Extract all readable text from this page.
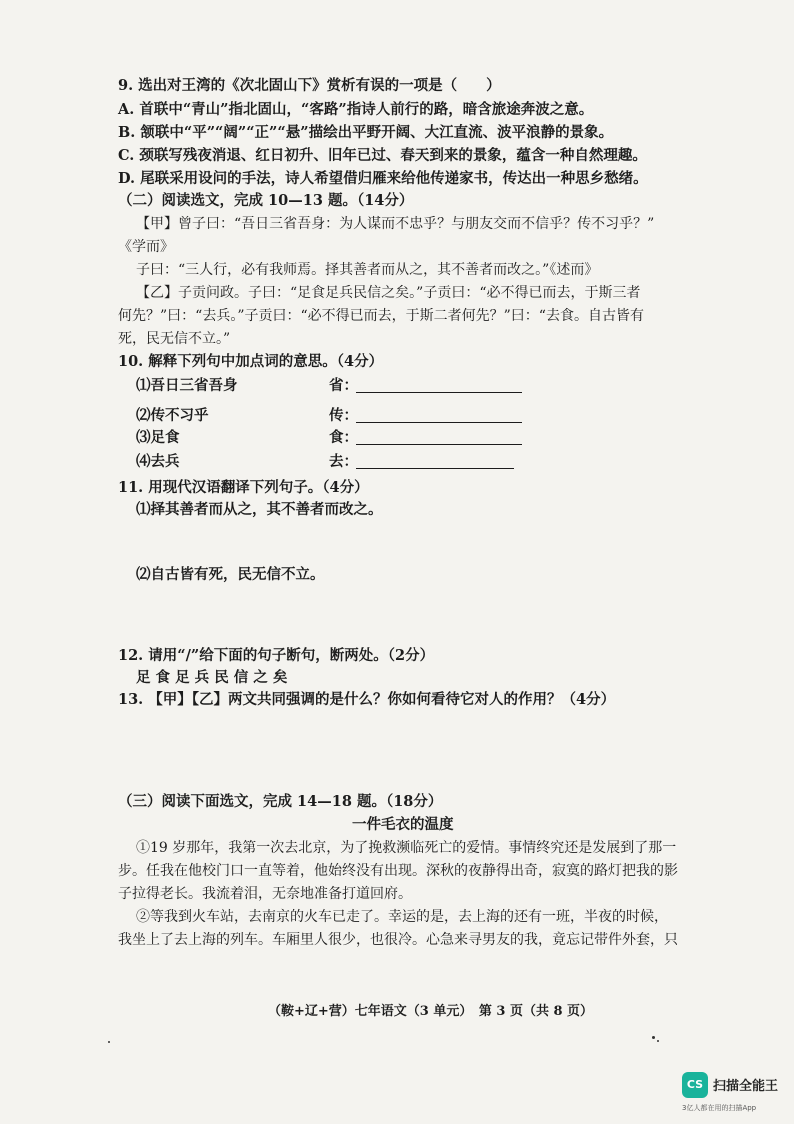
9. 选出对王湾的《次北固山下》赏析有误的一项是（　　）
A. 首联中“青山”指北固山，“客路”指诗人前行的路，暗含旅途奔波之意。
B. 颔联中“平”“阔”“正”“悬”描绘出平野开阔、大江直流、波平浪静的景象。
C. 颈联写残夜消退、红日初升、旧年已过、春天到来的景象，蕴含一种自然理趣。
D. 尾联采用设问的手法，诗人希望借归雁来给他传递家书，传达出一种思乡愁绪。
（二）阅读选文，完成 10—13 题。（14分）
【甲】曾子曰：“吾日三省吾身：为人谋而不忠乎？与朋友交而不信乎？传不习乎？”
《学而》
子曰：“三人行，必有我师焉。择其善者而从之，其不善者而改之。”《述而》
【乙】子贡问政。子曰：“足食足兵民信之矣。”子贡曰：“必不得已而去，于斯三者
何先？”曰：“去兵。”子贡曰：“必不得已而去，于斯二者何先？”曰：“去食。自古皆有
死，民无信不立。”
10. 解释下列句中加点词的意思。（4分）
⑴吾日三省吾身	省：
⑵传不习乎	传：
⑶足食	食：
⑷去兵	去：
11. 用现代汉语翻译下列句子。（4分）
⑴择其善者而从之，其不善者而改之。
⑵自古皆有死，民无信不立。
12. 请用“/”给下面的句子断句，断两处。（2分）
足 食 足 兵 民 信 之 矣
13. 【甲】【乙】两文共同强调的是什么？你如何看待它对人的作用？（4分）
（三）阅读下面选文，完成 14—18 题。（18分）
一件毛衣的温度
①19 岁那年，我第一次去北京，为了挽救濒临死亡的爱情。事情终究还是发展到了那一
步。任我在他校门口一直等着，他始终没有出现。深秋的夜静得出奇，寂寞的路灯把我的影
子拉得老长。我流着泪，无奈地准备打道回府。
②等我到火车站，去南京的火车已走了。幸运的是，去上海的还有一班，半夜的时候，
我坐上了去上海的列车。车厢里人很少，也很冷。心急来寻男友的我，竟忘记带件外套，只
（鞍+辽+营）七年语文（3 单元）　第 3 页（共 8 页）
CS 扫描全能王
3亿人都在用的扫描App
